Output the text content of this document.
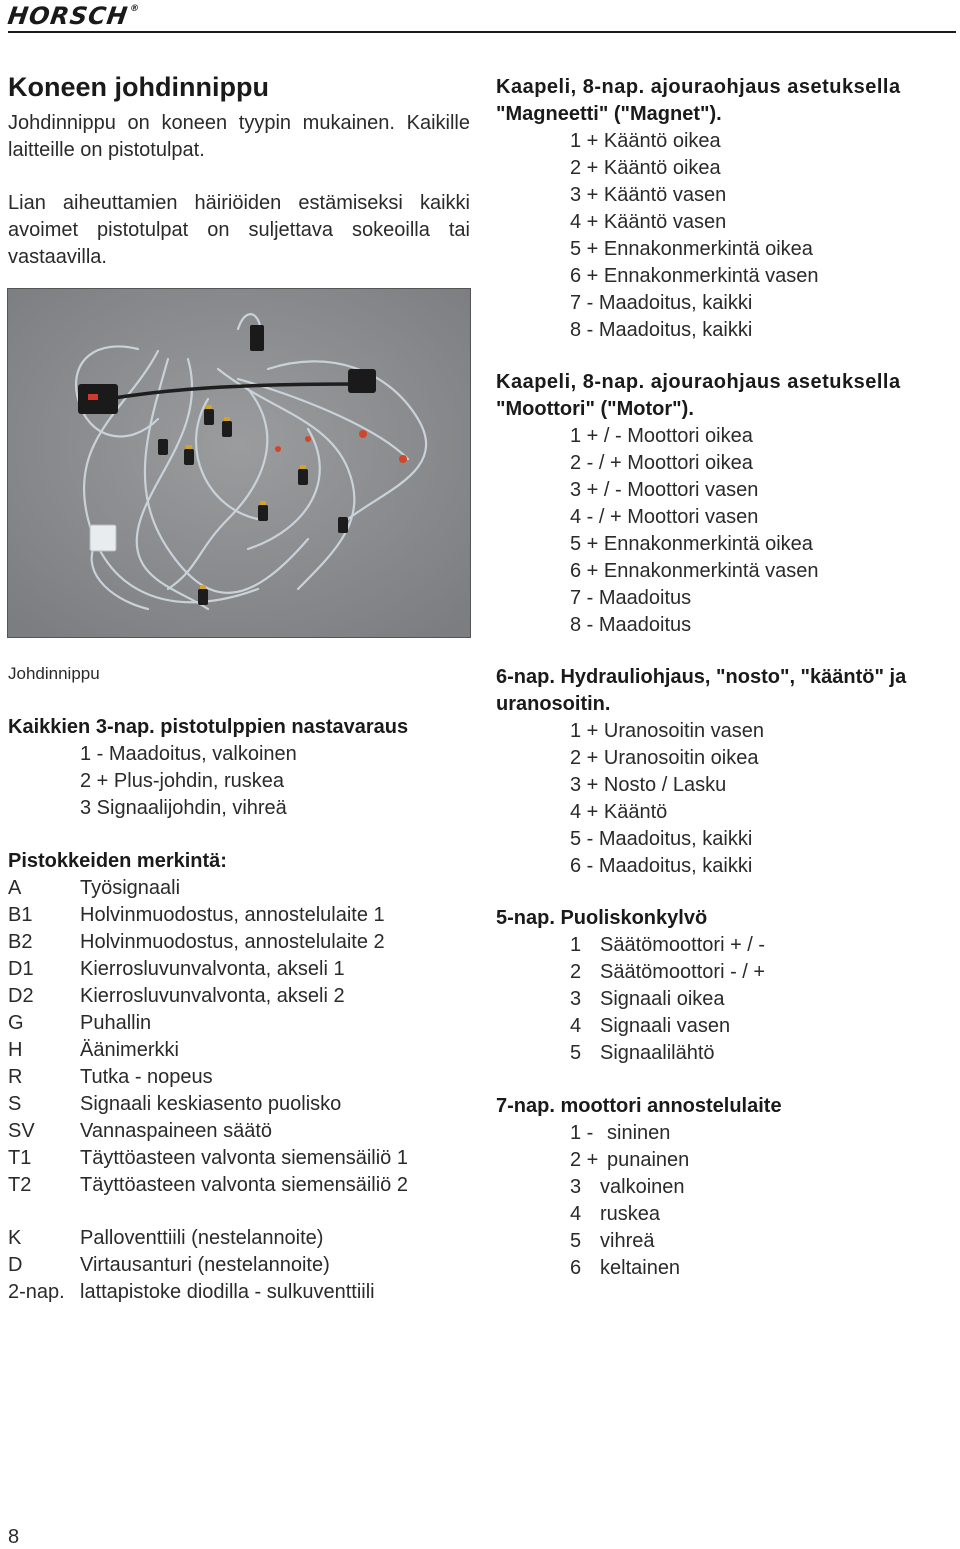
HORSCH®
Koneen johdinnippu

Johdinnippu on koneen tyypin mukainen. Kaikille laitteille on pistotulpat.

Lian aiheuttamien häiriöiden estämiseksi kaikki avoimet pistotulpat on suljettava sokeoilla tai vastaavilla.

Johdinnippu
Kaikkien 3-nap. pistotulppien nastavaraus
1 - Maadoitus, valkoinen
2 + Plus-johdin, ruskea
3 Signaalijohdin, vihreä
Pistokkeiden merkintä:
A	Työsignaali
B1 Holvinmuodostus, annostelulaite 1
B2 Holvinmuodostus, annostelulaite 2
D1 Kierrosluvunvalvonta, akseli 1
D2 Kierrosluvunvalvonta, akseli 2
G	Puhallin
H	Äänimerkki
R	Tutka - nopeus
S	Signaali keskiasento puolisko
SV Vannaspaineen säätö
T1 Täyttöasteen valvonta siemensäiliö 1
T2 Täyttöasteen valvonta siemensäiliö 2
K	Palloventtiili (nestelannoite)
D	Virtausanturi (nestelannoite)
2-nap. lattapistoke diodilla - sulkuventtiili
Kaapeli, 8-nap. ajouraohjaus asetuksella
"Magneetti" ("Magnet").
1 + Kääntö oikea
2 + Kääntö oikea
3 + Kääntö vasen
4 + Kääntö vasen
5 + Ennakonmerkintä oikea
6 + Ennakonmerkintä vasen
7 - Maadoitus, kaikki
8 - Maadoitus, kaikki
Kaapeli, 8-nap. ajouraohjaus asetuksella
"Moottori" ("Motor").
1 + / - Moottori oikea
2 - / + Moottori oikea
3 + / - Moottori vasen
4 - / + Moottori vasen
5 + Ennakonmerkintä oikea
6 + Ennakonmerkintä vasen
7 - Maadoitus
8 - Maadoitus
6-nap. Hydrauliohjaus, "nosto", "kääntö" ja
uranosoitin.
1 + Uranosoitin vasen
2 + Uranosoitin oikea
3 + Nosto / Lasku
4 + Kääntö
5 - Maadoitus, kaikki
6 - Maadoitus, kaikki
5-nap. Puoliskonkylvö
1 Säätömoottori + / -
2 Säätömoottori - / +
3 Signaali oikea
4 Signaali vasen
5 Signaalilähtö
7-nap. moottori annostelulaite
1 - sininen
2 + punainen
3 valkoinen
4 ruskea
5 vihreä
6 keltainen
8
